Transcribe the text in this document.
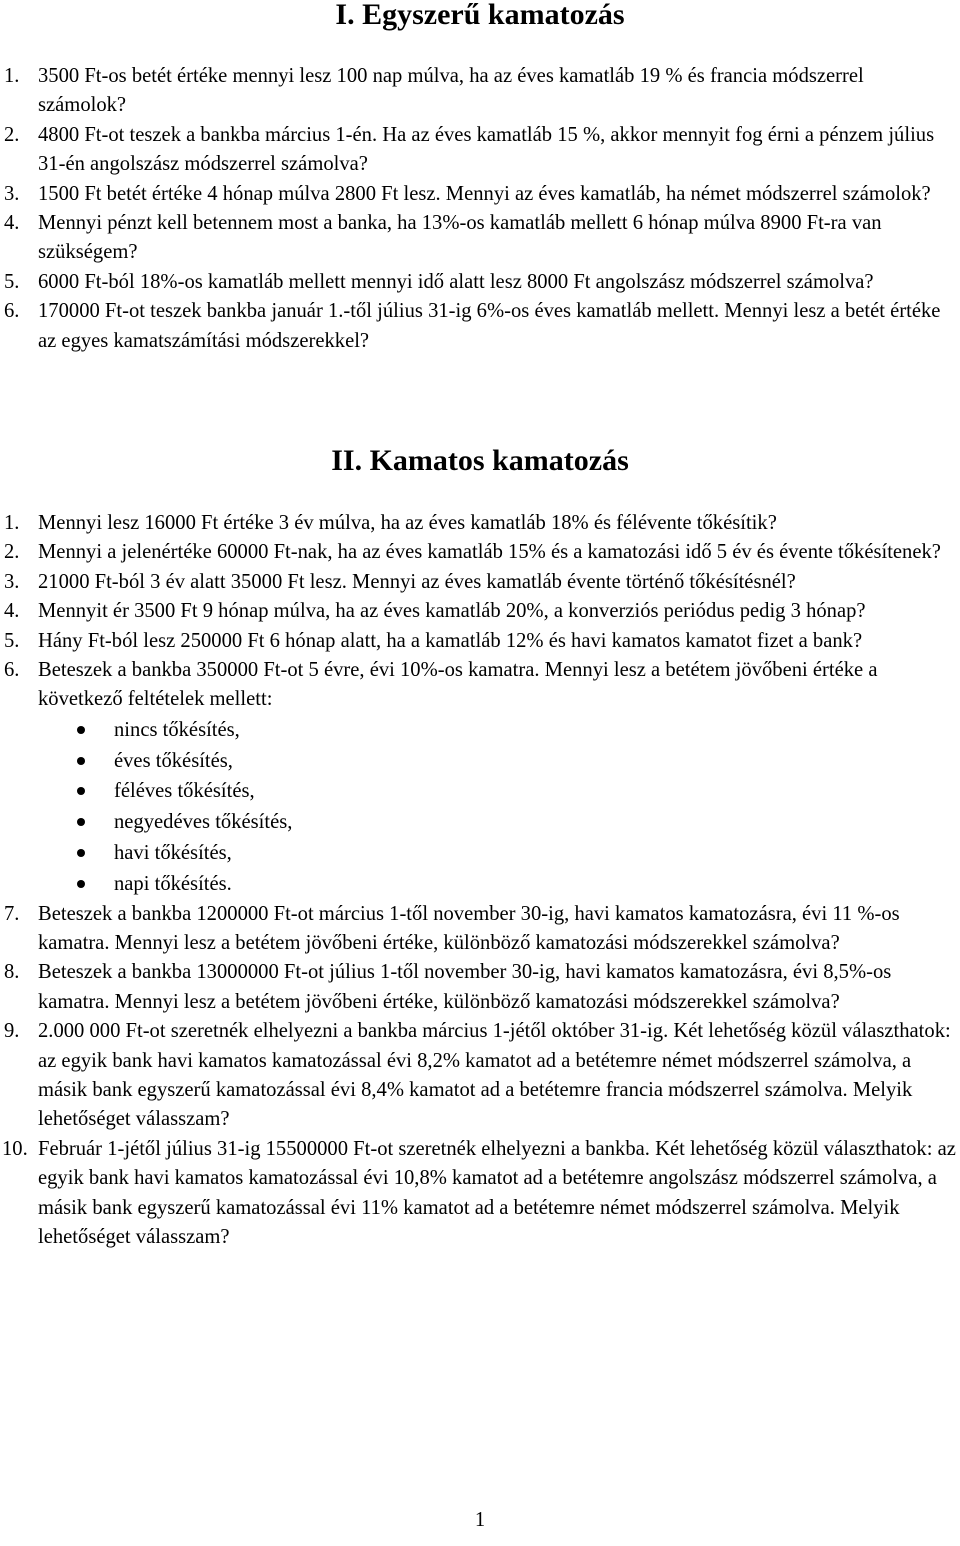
I. Egyszerű kamatozás
1. 3500 Ft-os betét értéke mennyi lesz 100 nap múlva, ha az éves kamatláb 19 % és francia módszerrel számolok?
2. 4800 Ft-ot teszek a bankba március 1-én. Ha az éves kamatláb 15 %, akkor mennyit fog érni a pénzem július 31-én angolszász módszerrel számolva?
3. 1500 Ft betét értéke 4 hónap múlva 2800 Ft lesz. Mennyi az éves kamatláb, ha német módszerrel számolok?
4. Mennyi pénzt kell betennem most a banka, ha 13%-os kamatláb mellett 6 hónap múlva 8900 Ft-ra van szükségem?
5. 6000 Ft-ból 18%-os kamatláb mellett mennyi idő alatt lesz 8000 Ft angolszász módszerrel számolva?
6. 170000 Ft-ot teszek bankba január 1.-től július 31-ig 6%-os éves kamatláb mellett. Mennyi lesz a betét értéke az egyes kamatszámítási módszerekkel?
II. Kamatos kamatozás
1. Mennyi lesz 16000 Ft értéke 3 év múlva, ha az éves kamatláb 18% és félévente tőkésítik?
2. Mennyi a jelenértéke 60000 Ft-nak, ha az éves kamatláb 15% és a kamatozási idő 5 év és évente tőkésítenek?
3. 21000 Ft-ból 3 év alatt 35000 Ft lesz. Mennyi az éves kamatláb évente történő tőkésítésnél?
4. Mennyit ér 3500 Ft 9 hónap múlva, ha az éves kamatláb 20%, a konverziós periódus pedig 3 hónap?
5. Hány Ft-ból lesz 250000 Ft 6 hónap alatt, ha a kamatláb 12% és havi kamatos kamatot fizet a bank?
6. Beteszek a bankba 350000 Ft-ot 5 évre, évi 10%-os kamatra. Mennyi lesz a betétem jövőbeni értéke a következő feltételek mellett:
nincs tőkésítés,
éves tőkésítés,
féléves tőkésítés,
negyedéves tőkésítés,
havi tőkésítés,
napi tőkésítés.
7. Beteszek a bankba 1200000 Ft-ot március 1-től november 30-ig, havi kamatos kamatozásra, évi 11 %-os kamatra. Mennyi lesz a betétem jövőbeni értéke, különböző kamatozási módszerekkel számolva?
8. Beteszek a bankba 13000000 Ft-ot július 1-től november 30-ig, havi kamatos kamatozásra, évi 8,5%-os kamatra. Mennyi lesz a betétem jövőbeni értéke, különböző kamatozási módszerekkel számolva?
9. 2.000 000 Ft-ot szeretnék elhelyezni a bankba március 1-jétől október 31-ig. Két lehetőség közül választhatok: az egyik bank havi kamatos kamatozással évi 8,2% kamatot ad a betétemre német módszerrel számolva, a másik bank egyszerű kamatozással évi 8,4% kamatot ad a betétemre francia módszerrel számolva. Melyik lehetőséget válasszam?
10. Február 1-jétől július 31-ig 15500000 Ft-ot szeretnék elhelyezni a bankba. Két lehetőség közül választhatok: az egyik bank havi kamatos kamatozással évi 10,8% kamatot ad a betétemre angolszász módszerrel számolva, a másik bank egyszerű kamatozással évi 11% kamatot ad a betétemre német módszerrel számolva. Melyik lehetőséget válasszam?
1
